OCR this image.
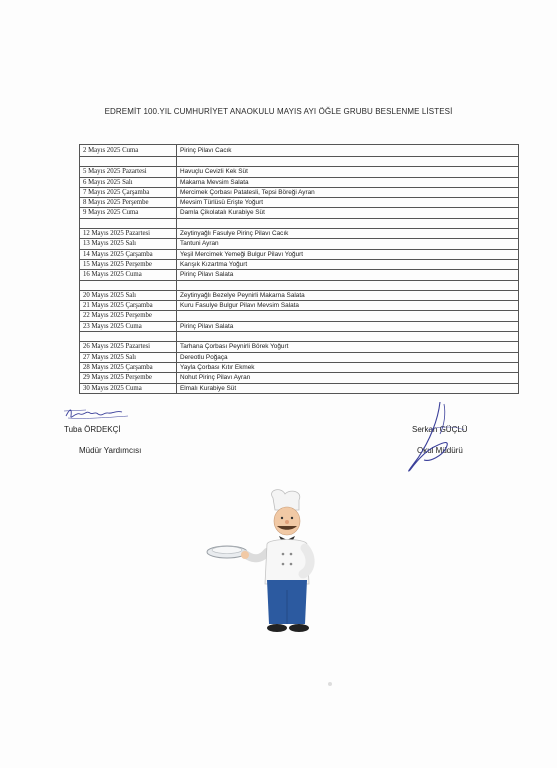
EDREMİT 100.YIL CUMHURİYET ANAOKULU MAYIS AYI ÖĞLE GRUBU BESLENME LİSTESİ
2 Mayıs 2025 Cuma	Pirinç Pilavı Cacık

5 Mayıs 2025 Pazartesi	Havuçlu Cevizli Kek Süt
6 Mayıs 2025 Salı	Makarna Mevsim Salata
7 Mayıs 2025 Çarşamba	Mercimek Çorbası Patatesli, Tepsi Böreği Ayran
8 Mayıs 2025 Perşembe	Mevsim Türlüsü Erişte Yoğurt
9 Mayıs 2025 Cuma	Damla Çikolatalı Kurabiye Süt

12 Mayıs 2025 Pazartesi	Zeytinyağlı Fasulye Pirinç Pilavı Cacık
13 Mayıs 2025 Salı	Tantuni Ayran
14 Mayıs 2025 Çarşamba	Yeşil Mercimek Yemeği Bulgur Pilavı Yoğurt
15 Mayıs 2025 Perşembe	Karışık Kızartma Yoğurt
16 Mayıs 2025 Cuma	Pirinç Pilavı Salata

20 Mayıs 2025 Salı	Zeytinyağlı Bezelye Peynirli Makarna Salata
21 Mayıs 2025 Çarşamba	Kuru Fasulye Bulgur Pilavı Mevsim Salata
22 Mayıs 2025 Perşembe	
23 Mayıs 2025 Cuma	Pirinç Pilavı Salata

26 Mayıs 2025 Pazartesi	Tarhana Çorbası Peynirli Börek Yoğurt
27 Mayıs 2025 Salı	Dereotlu Poğaça
28 Mayıs 2025 Çarşamba	Yayla Çorbası Kıtır Ekmek
29 Mayıs 2025 Perşembe	Nohut Pirinç Pilavı Ayran
30 Mayıs 2025 Cuma	Elmalı Kurabiye Süt
Tuba ÖRDEKÇİ
Müdür Yardımcısı
Serkan GÜÇLÜ
Okul Müdürü
